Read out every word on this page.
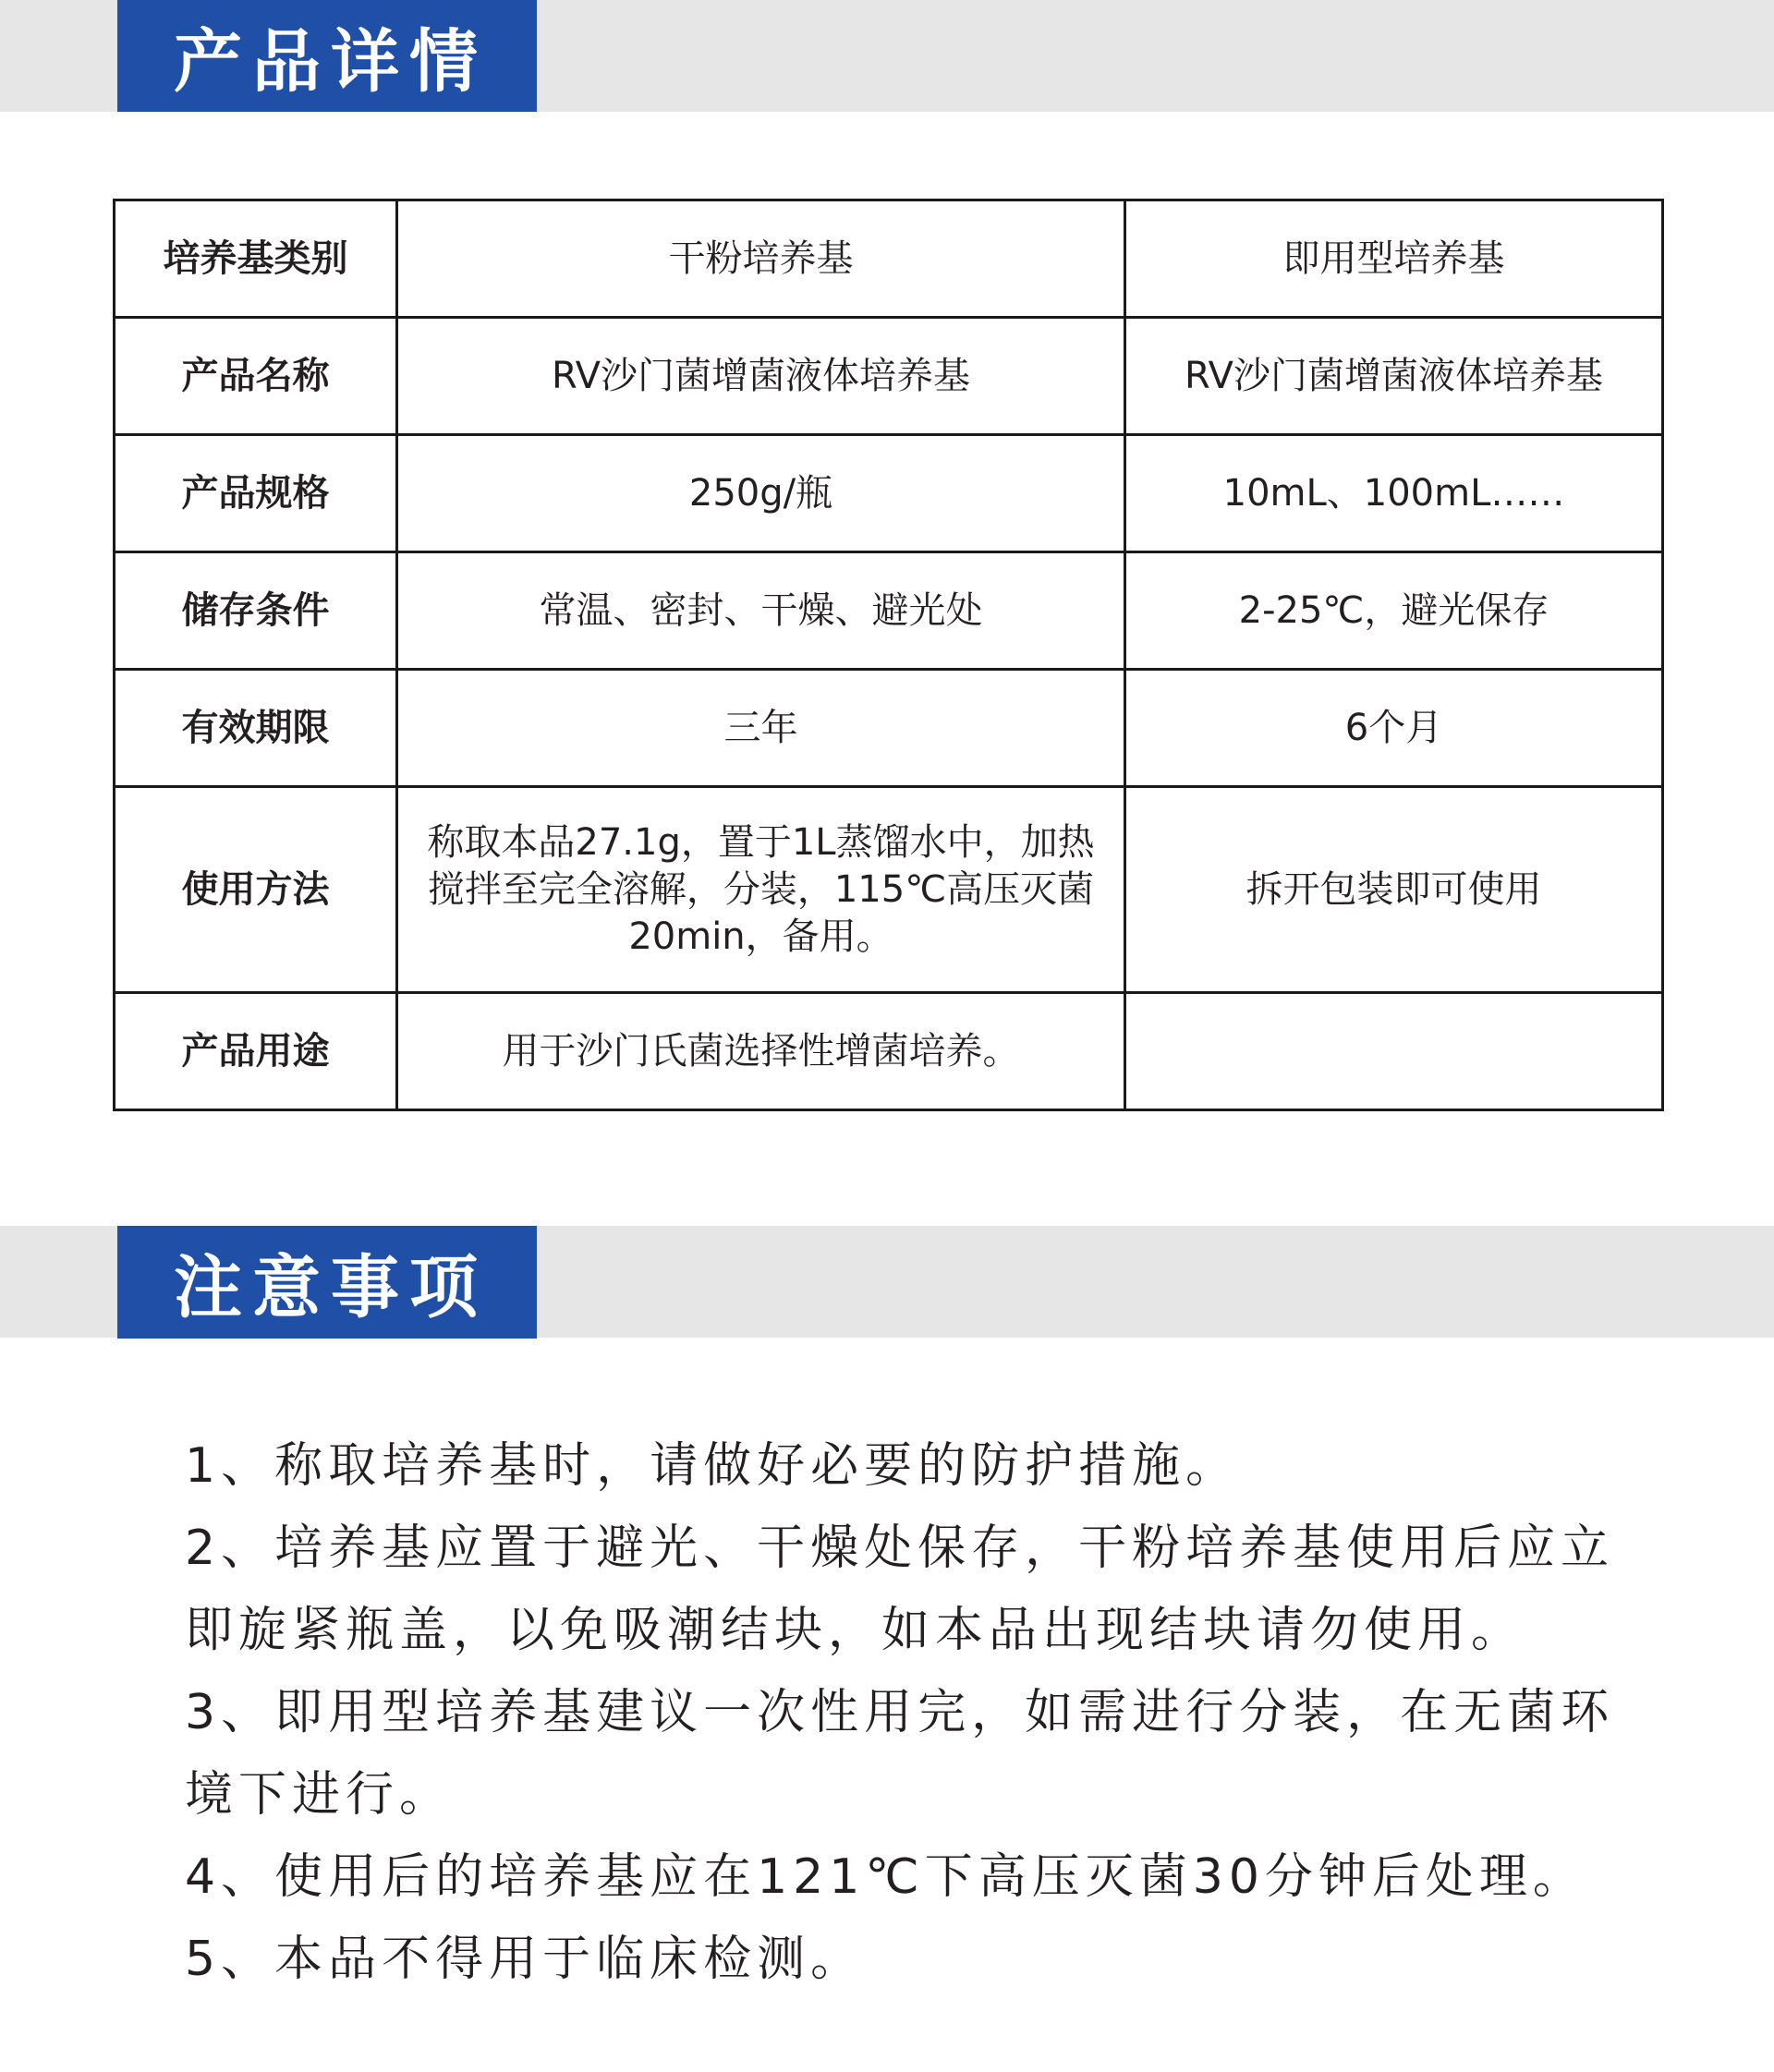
产品详情
培养基类别	干粉培养基	即用型培养基
产品名称	RV沙门菌增菌液体培养基	RV沙门菌增菌液体培养基
产品规格	250g/瓶	10mL、100mL……
储存条件	常温、密封、干燥、避光处	2-25℃，避光保存
有效期限	三年	6个月
使用方法	称取本品27.1g，置于1L蒸馏水中，加热搅拌至完全溶解，分装，115℃高压灭菌20min，备用。	拆开包装即可使用
产品用途	用于沙门氏菌选择性增菌培养。	
注意事项

1、称取培养基时，请做好必要的防护措施。

2、培养基应置于避光、干燥处保存，干粉培养基使用后应立即旋紧瓶盖，以免吸潮结块，如本品出现结块请勿使用。

3、即用型培养基建议一次性用完，如需进行分装，在无菌环境下进行。

4、使用后的培养基应在121℃下高压灭菌30分钟后处理。

5、本品不得用于临床检测。
